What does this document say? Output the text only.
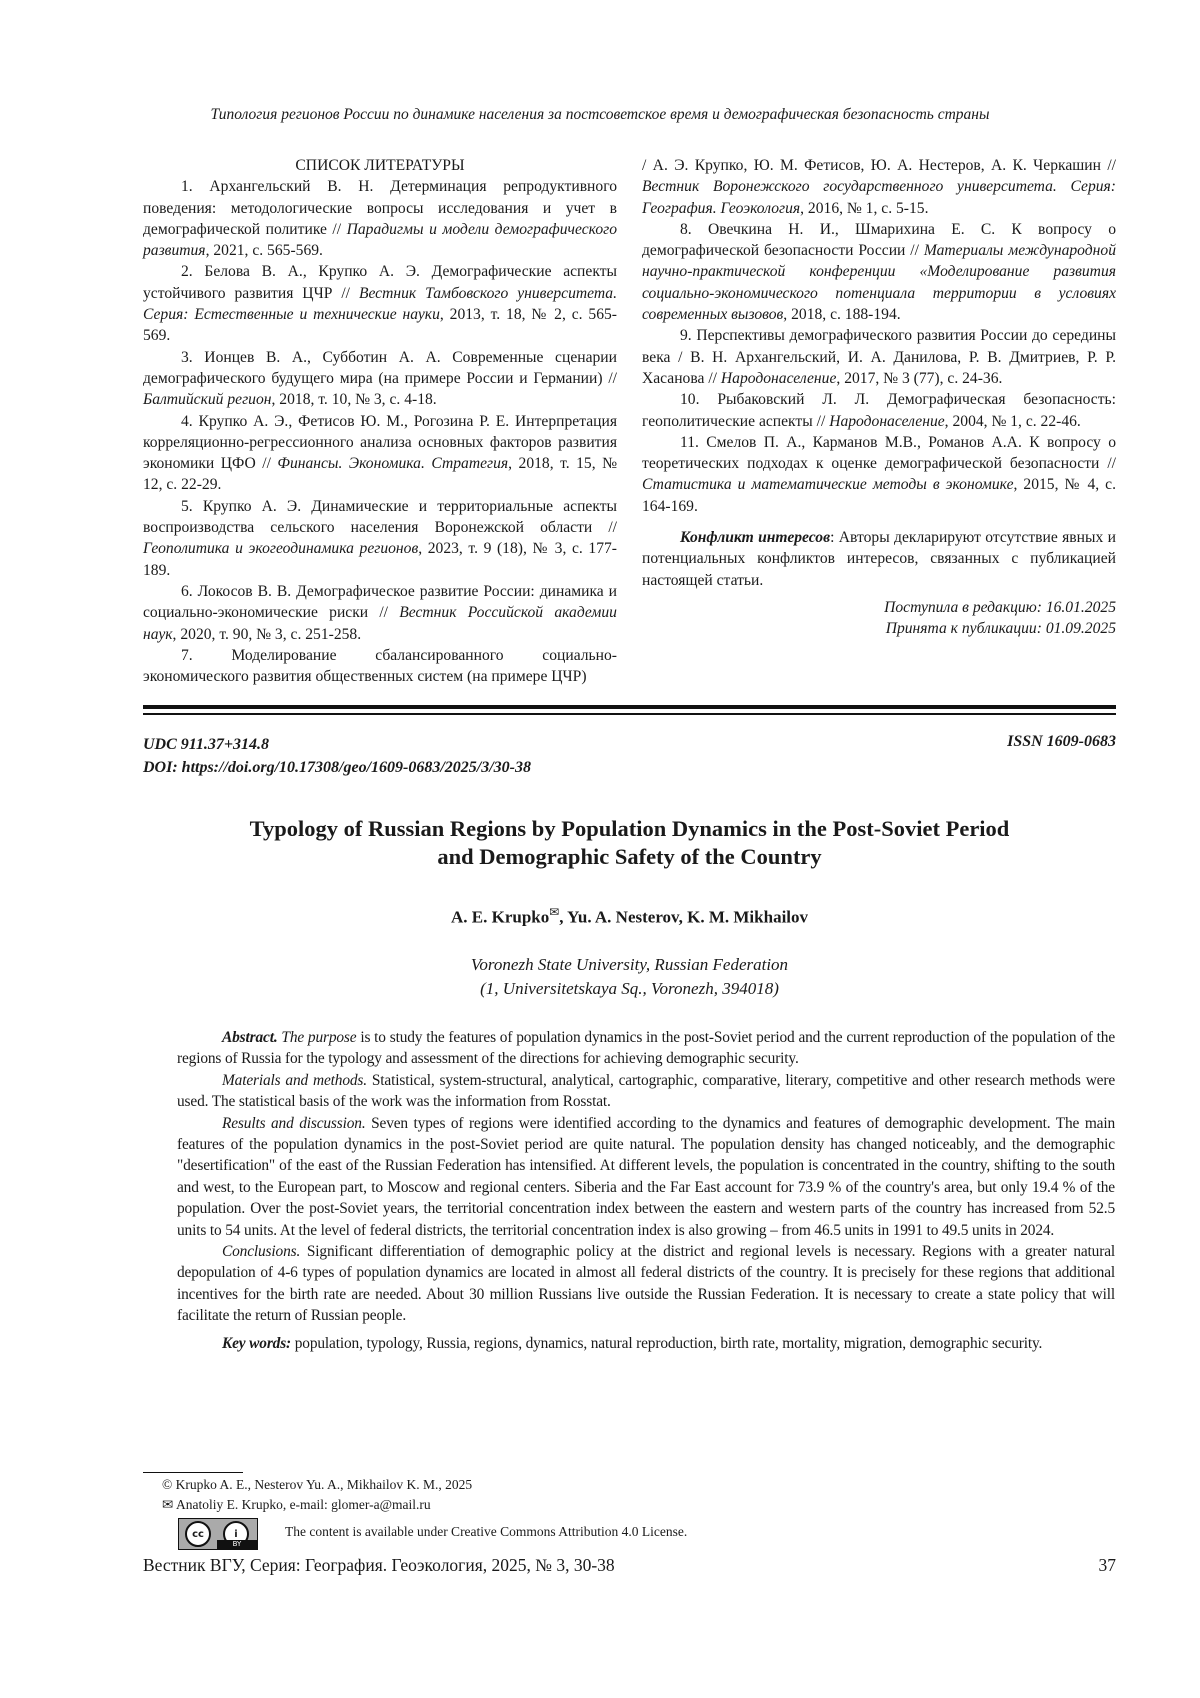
Типология регионов России по динамике населения за постсоветское время и демографическая безопасность страны

СПИСОК ЛИТЕРАТУРЫ

1. Архангельский В. Н. Детерминация репродуктивного поведения: методологические вопросы исследования и учет в демографической политике // Парадигмы и модели демографического развития, 2021, с. 565-569.

2. Белова В. А., Крупко А. Э. Демографические аспекты устойчивого развития ЦЧР // Вестник Тамбовского университета. Серия: Естественные и технические науки, 2013, т. 18, № 2, с. 565-569.

3. Ионцев В. А., Субботин А. А. Современные сценарии демографического будущего мира (на примере России и Германии) // Балтийский регион, 2018, т. 10, № 3, с. 4-18.

4. Крупко А. Э., Фетисов Ю. М., Рогозина Р. Е. Интерпретация корреляционно-регрессионного анализа основных факторов развития экономики ЦФО // Финансы. Экономика. Стратегия, 2018, т. 15, № 12, с. 22-29.

5. Крупко А. Э. Динамические и территориальные аспекты воспроизводства сельского населения Воронежской области // Геополитика и экогеодинамика регионов, 2023, т. 9 (18), № 3, с. 177-189.

6. Локосов В. В. Демографическое развитие России: динамика и социально-экономические риски // Вестник Российской академии наук, 2020, т. 90, № 3, с. 251-258.

7. Моделирование сбалансированного социально-экономического развития общественных систем (на примере ЦЧР)

/ А. Э. Крупко, Ю. М. Фетисов, Ю. А. Нестеров, А. К. Черкашин // Вестник Воронежского государственного университета. Серия: География. Геоэкология, 2016, № 1, с. 5-15.

8. Овечкина Н. И., Шмарихина Е. С. К вопросу о демографической безопасности России // Материалы международной научно-практической конференции «Моделирование развития социально-экономического потенциала территории в условиях современных вызовов, 2018, с. 188-194.

9. Перспективы демографического развития России до середины века / В. Н. Архангельский, И. А. Данилова, Р. В. Дмитриев, Р. Р. Хасанова // Народонаселение, 2017, № 3 (77), с. 24-36.

10. Рыбаковский Л. Л. Демографическая безопасность: геополитические аспекты // Народонаселение, 2004, № 1, с. 22-46.

11. Смелов П. А., Карманов М.В., Романов А.А. К вопросу о теоретических подходах к оценке демографической безопасности // Статистика и математические методы в экономике, 2015, № 4, с. 164-169.

Конфликт интересов: Авторы декларируют отсутствие явных и потенциальных конфликтов интересов, связанных с публикацией настоящей статьи.

Поступила в редакцию: 16.01.2025
Принята к публикации: 01.09.2025
UDC 911.37+314.8
DOI: https://doi.org/10.17308/geo/1609-0683/2025/3/30-38
ISSN 1609-0683
Typology of Russian Regions by Population Dynamics in the Post-Soviet Period
and Demographic Safety of the Country
A. E. Krupko✉, Yu. A. Nesterov, K. M. Mikhailov
Voronezh State University, Russian Federation
(1, Universitetskaya Sq., Voronezh, 394018)

Abstract. The purpose is to study the features of population dynamics in the post-Soviet period and the current reproduction of the population of the regions of Russia for the typology and assessment of the directions for achieving demographic security.

Materials and methods. Statistical, system-structural, analytical, cartographic, comparative, literary, competitive and other research methods were used. The statistical basis of the work was the information from Rosstat.

Results and discussion. Seven types of regions were identified according to the dynamics and features of demographic development. The main features of the population dynamics in the post-Soviet period are quite natural. The population density has changed noticeably, and the demographic "desertification" of the east of the Russian Federation has intensified. At different levels, the population is concentrated in the country, shifting to the south and west, to the European part, to Moscow and regional centers. Siberia and the Far East account for 73.9 % of the country's area, but only 19.4 % of the population. Over the post-Soviet years, the territorial concentration index between the eastern and western parts of the country has increased from 52.5 units to 54 units. At the level of federal districts, the territorial concentration index is also growing – from 46.5 units in 1991 to 49.5 units in 2024.

Conclusions. Significant differentiation of demographic policy at the district and regional levels is necessary. Regions with a greater natural depopulation of 4-6 types of population dynamics are located in almost all federal districts of the country. It is precisely for these regions that additional incentives for the birth rate are needed. About 30 million Russians live outside the Russian Federation. It is necessary to create a state policy that will facilitate the return of Russian people.

Key words: population, typology, Russia, regions, dynamics, natural reproduction, birth rate, mortality, migration, demographic security.

© Krupko A. E., Nesterov Yu. A., Mikhailov K. M., 2025
✉ Anatoliy E. Krupko, e-mail: glomer-a@mail.ru
cc	i
BY
The content is available under Creative Commons Attribution 4.0 License.
Вестник ВГУ, Серия: География. Геоэкология, 2025, № 3, 30-38	37
